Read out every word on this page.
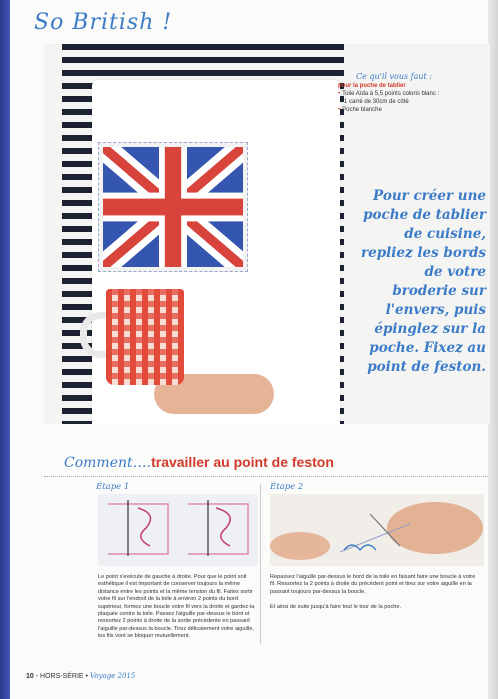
So British !
Ce qu'il vous faut :
pour la poche de tablier
• Toile Aïda à 5,5 points coloris blanc :
1 carré de 30cm de côté
• Poche blanche
Pour créer une poche de tablier de cuisine, repliez les bords de votre broderie sur l'envers, puis épinglez sur la poche. Fixez au point de feston.
Comment….travailler au point de feston
Étape 1
Le point s'exécute de gauche à droite. Pour que le point soit esthétique il est important de conserver toujours la même distance entre les points et la même tension du fil. Faites sortir votre fil sur l'endroit de la toile à environ 2 points du bord supérieur, formez une boucle votre fil vers la droite et gardez-la plaquée contre la toile. Passez l'aiguille par-dessus le bord et ressortez 2 points à droite de la sortie précédente en passant l'aiguille par-dessus la boucle. Tirez délicatement votre aiguille, les fils vont se bloquer mutuellement.
Étape 2
Repassez l'aiguille par-dessus le bord de la toile en faisant faire une boucle à votre fil. Ressortez la 2 points à droite du précédent point et tirez sur votre aiguille en la passant toujours par-dessus la boucle.
Et ainsi de suite jusqu'à faire tout le tour de la poche.
10 - HORS-SÉRIE • Voyage 2015
